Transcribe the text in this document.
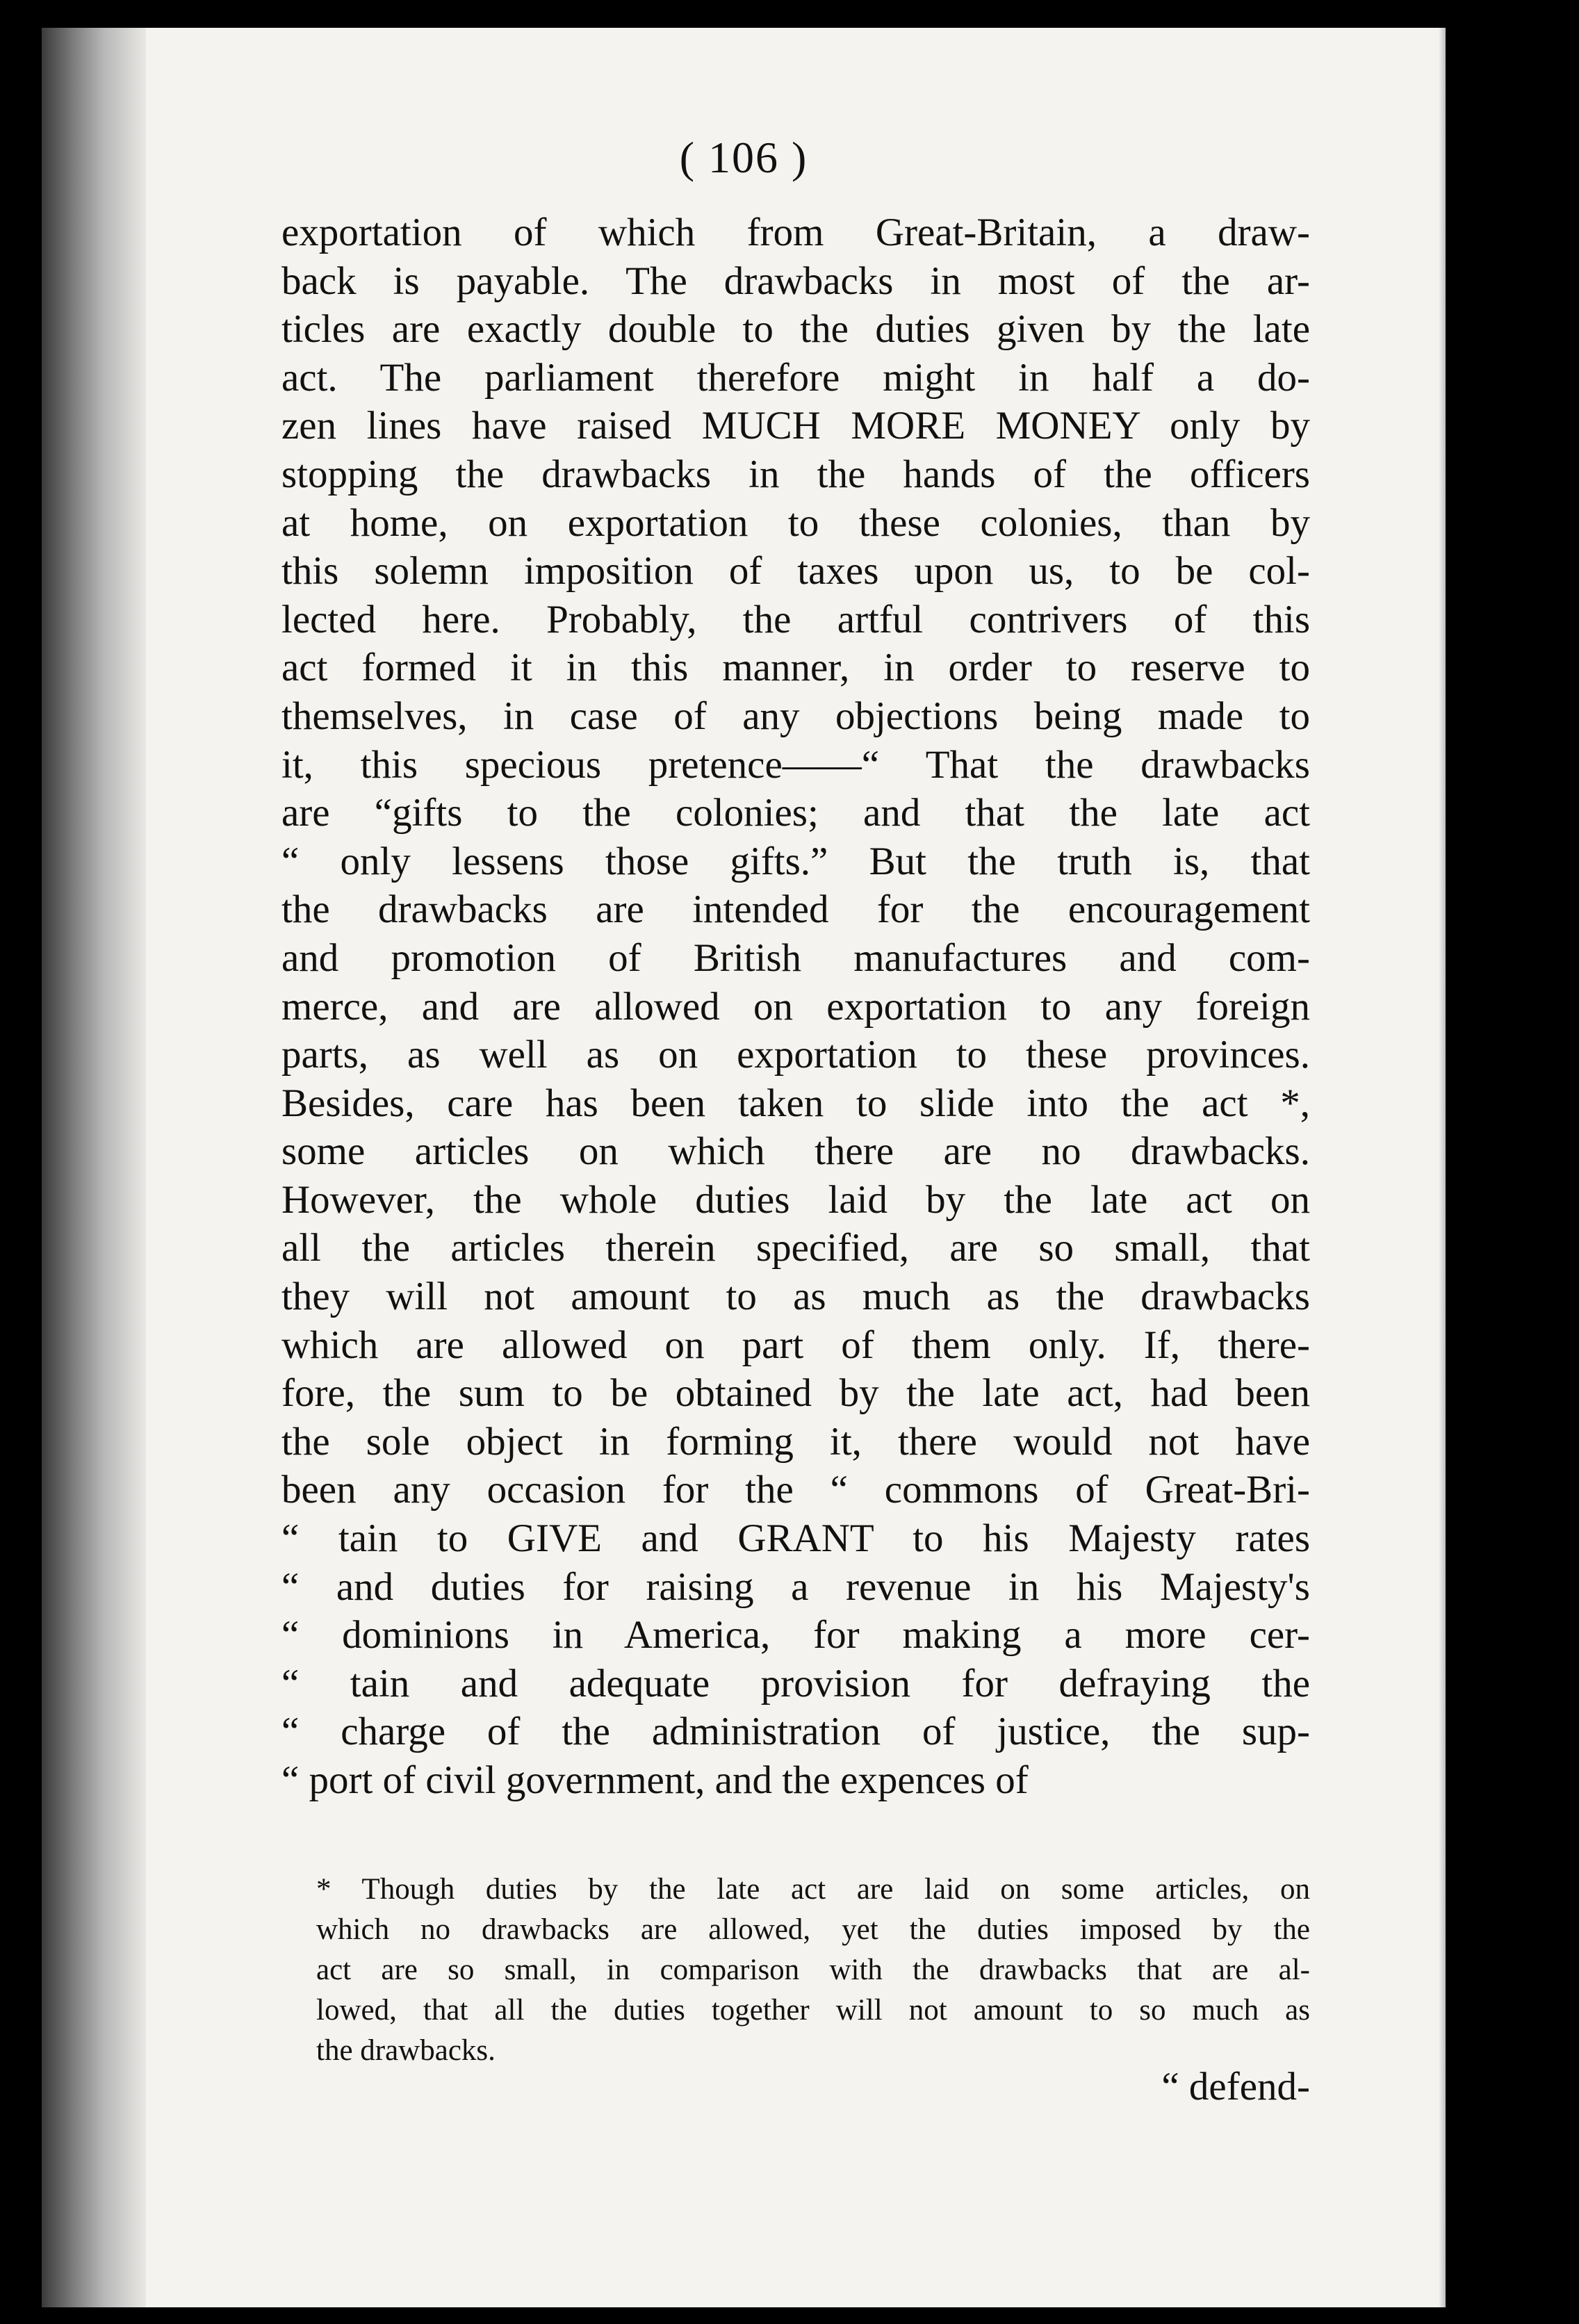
( 106 )
exportation of which from Great-Britain, a draw-
back is payable. The drawbacks in most of the ar-
ticles are exactly double to the duties given by the late
act. The parliament therefore might in half a do-
zen lines have raised MUCH MORE MONEY only by
stopping the drawbacks in the hands of the officers
at home, on exportation to these colonies, than by
this solemn imposition of taxes upon us, to be col-
lected here. Probably, the artful contrivers of this
act formed it in this manner, in order to reserve to
themselves, in case of any objections being made to
it, this specious pretence——“ That the drawbacks
are “gifts to the colonies; and that the late act
“ only lessens those gifts.” But the truth is, that
the drawbacks are intended for the encouragement
and promotion of British manufactures and com-
merce, and are allowed on exportation to any foreign
parts, as well as on exportation to these provinces.
Besides, care has been taken to slide into the act *,
some articles on which there are no drawbacks.
However, the whole duties laid by the late act on
all the articles therein specified, are so small, that
they will not amount to as much as the drawbacks
which are allowed on part of them only. If, there-
fore, the sum to be obtained by the late act, had been
the sole object in forming it, there would not have
been any occasion for the “ commons of Great-Bri-
“ tain to GIVE and GRANT to his Majesty rates
“ and duties for raising a revenue in his Majesty's
“ dominions in America, for making a more cer-
“ tain and adequate provision for defraying the
“ charge of the administration of justice, the sup-
“ port of civil government, and the expences of
* Though duties by the late act are laid on some articles, on
which no drawbacks are allowed, yet the duties imposed by the
act are so small, in comparison with the drawbacks that are al-
lowed, that all the duties together will not amount to so much as
the drawbacks.
“ defend-
